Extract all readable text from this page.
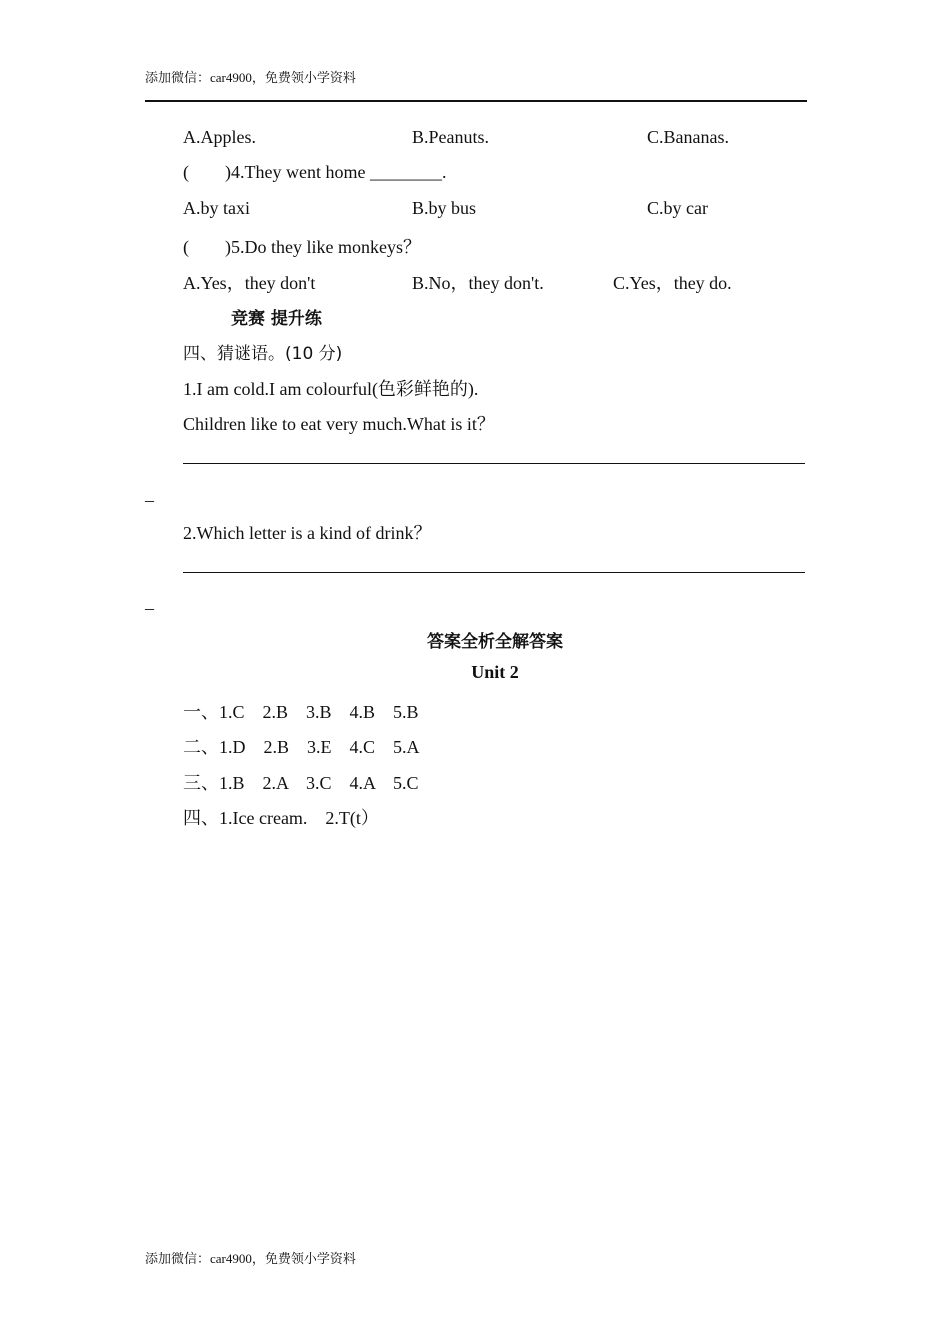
添加微信：car4900，免费领小学资料
A.Apples.	B.Peanuts.	C.Bananas.
( )4.They went home ________.
A.by taxi	B.by bus	C.by car
( )5.Do they like monkeys？
A.Yes，they don't	B.No，they don't.	C.Yes，they do.
竞赛 提升练
四、猜谜语。(10 分)
1.I am cold.I am colourful(色彩鲜艳的).
Children like to eat very much.What is it？
–
2.Which letter is a kind of drink？
–
答案全析全解答案
Unit 2
一、1.C　2.B　3.B　4.B　5.B
二、1.D　2.B　3.E　4.C　5.A
三、1.B　2.A　3.C　4.A　5.C
四、1.Ice cream.　2.T(t）
添加微信：car4900，免费领小学资料
